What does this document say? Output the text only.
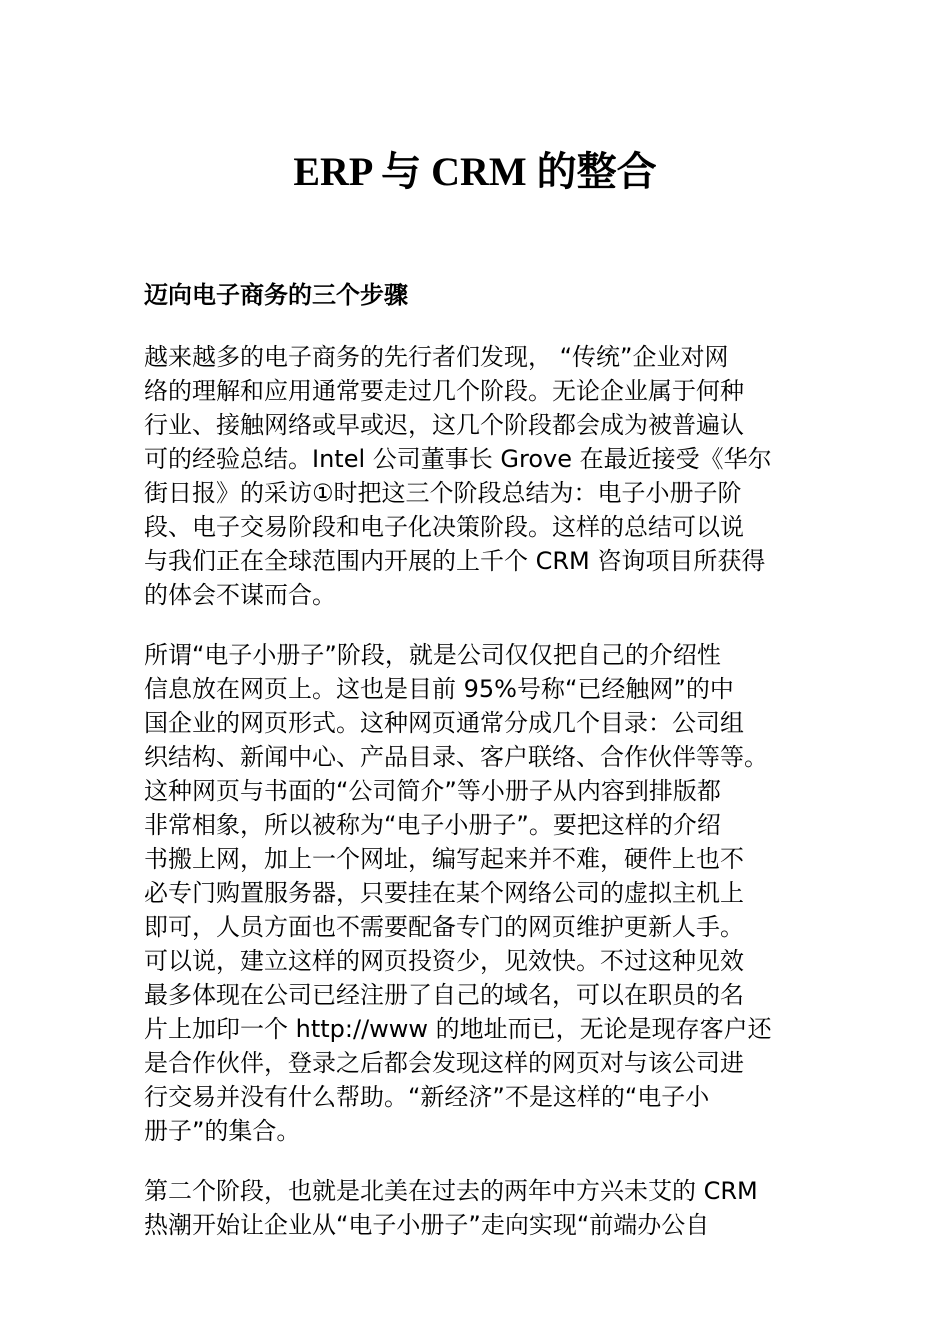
ERP 与 CRM 的整合
迈向电子商务的三个步骤
越来越多的电子商务的先行者们发现， “传统”企业对网
络的理解和应用通常要走过几个阶段。无论企业属于何种
行业、接触网络或早或迟，这几个阶段都会成为被普遍认
可的经验总结。Intel 公司董事长 Grove 在最近接受《华尔
街日报》的采访①时把这三个阶段总结为：电子小册子阶
段、电子交易阶段和电子化决策阶段。这样的总结可以说
与我们正在全球范围内开展的上千个 CRM 咨询项目所获得
的体会不谋而合。
所谓“电子小册子”阶段，就是公司仅仅把自己的介绍性
信息放在网页上。这也是目前 95%号称“已经触网”的中
国企业的网页形式。这种网页通常分成几个目录：公司组
织结构、新闻中心、产品目录、客户联络、合作伙伴等等。
这种网页与书面的“公司简介”等小册子从内容到排版都
非常相象，所以被称为“电子小册子”。要把这样的介绍
书搬上网，加上一个网址，编写起来并不难，硬件上也不
必专门购置服务器，只要挂在某个网络公司的虚拟主机上
即可，人员方面也不需要配备专门的网页维护更新人手。
可以说，建立这样的网页投资少，见效快。不过这种见效
最多体现在公司已经注册了自己的域名，可以在职员的名
片上加印一个 http://www 的地址而已，无论是现存客户还
是合作伙伴，登录之后都会发现这样的网页对与该公司进
行交易并没有什么帮助。“新经济”不是这样的“电子小
册子”的集合。
第二个阶段，也就是北美在过去的两年中方兴未艾的 CRM
热潮开始让企业从“电子小册子”走向实现“前端办公自
